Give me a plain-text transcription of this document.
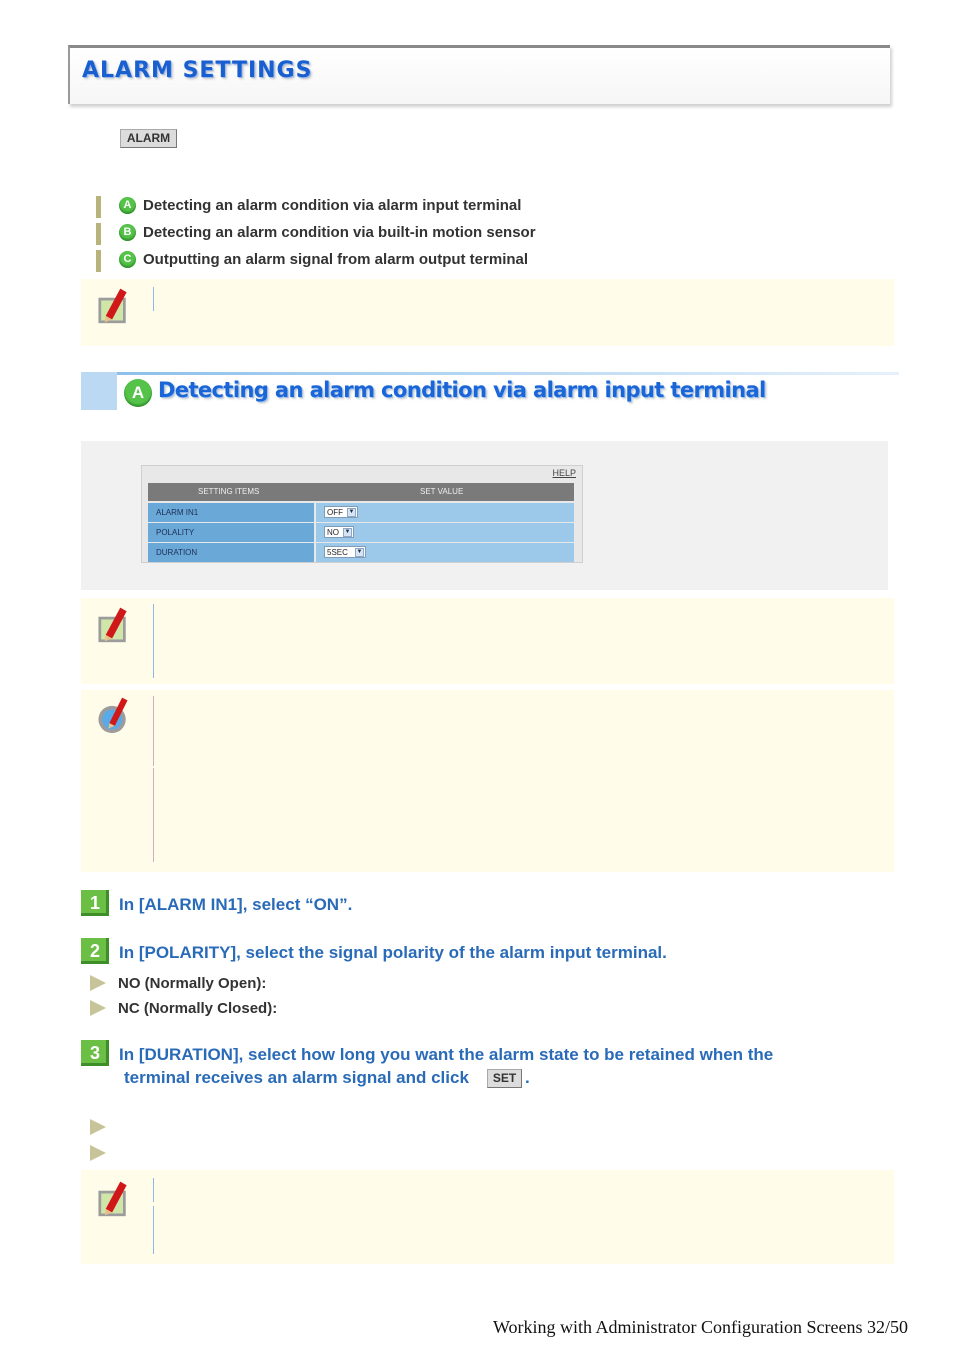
ALARM SETTINGS
ALARM
A Detecting an alarm condition via alarm input terminal
B Detecting an alarm condition via built-in motion sensor
C Outputting an alarm signal from alarm output terminal
A Detecting an alarm condition via alarm input terminal
HELP
SETTING ITEMS	SET VALUE
ALARM IN1	OFF ▼
POLALITY	NO ▼
DURATION	5SEC ▼
1	In [ALARM IN1], select “ON”.
2	In [POLARITY], select the signal polarity of the alarm input terminal.
NO (Normally Open):
NC (Normally Closed):
3	In [DURATION], select how long you want the alarm state to be retained when the
terminal receives an alarm signal and click	SET .
Working with Administrator Configuration Screens 32/50
